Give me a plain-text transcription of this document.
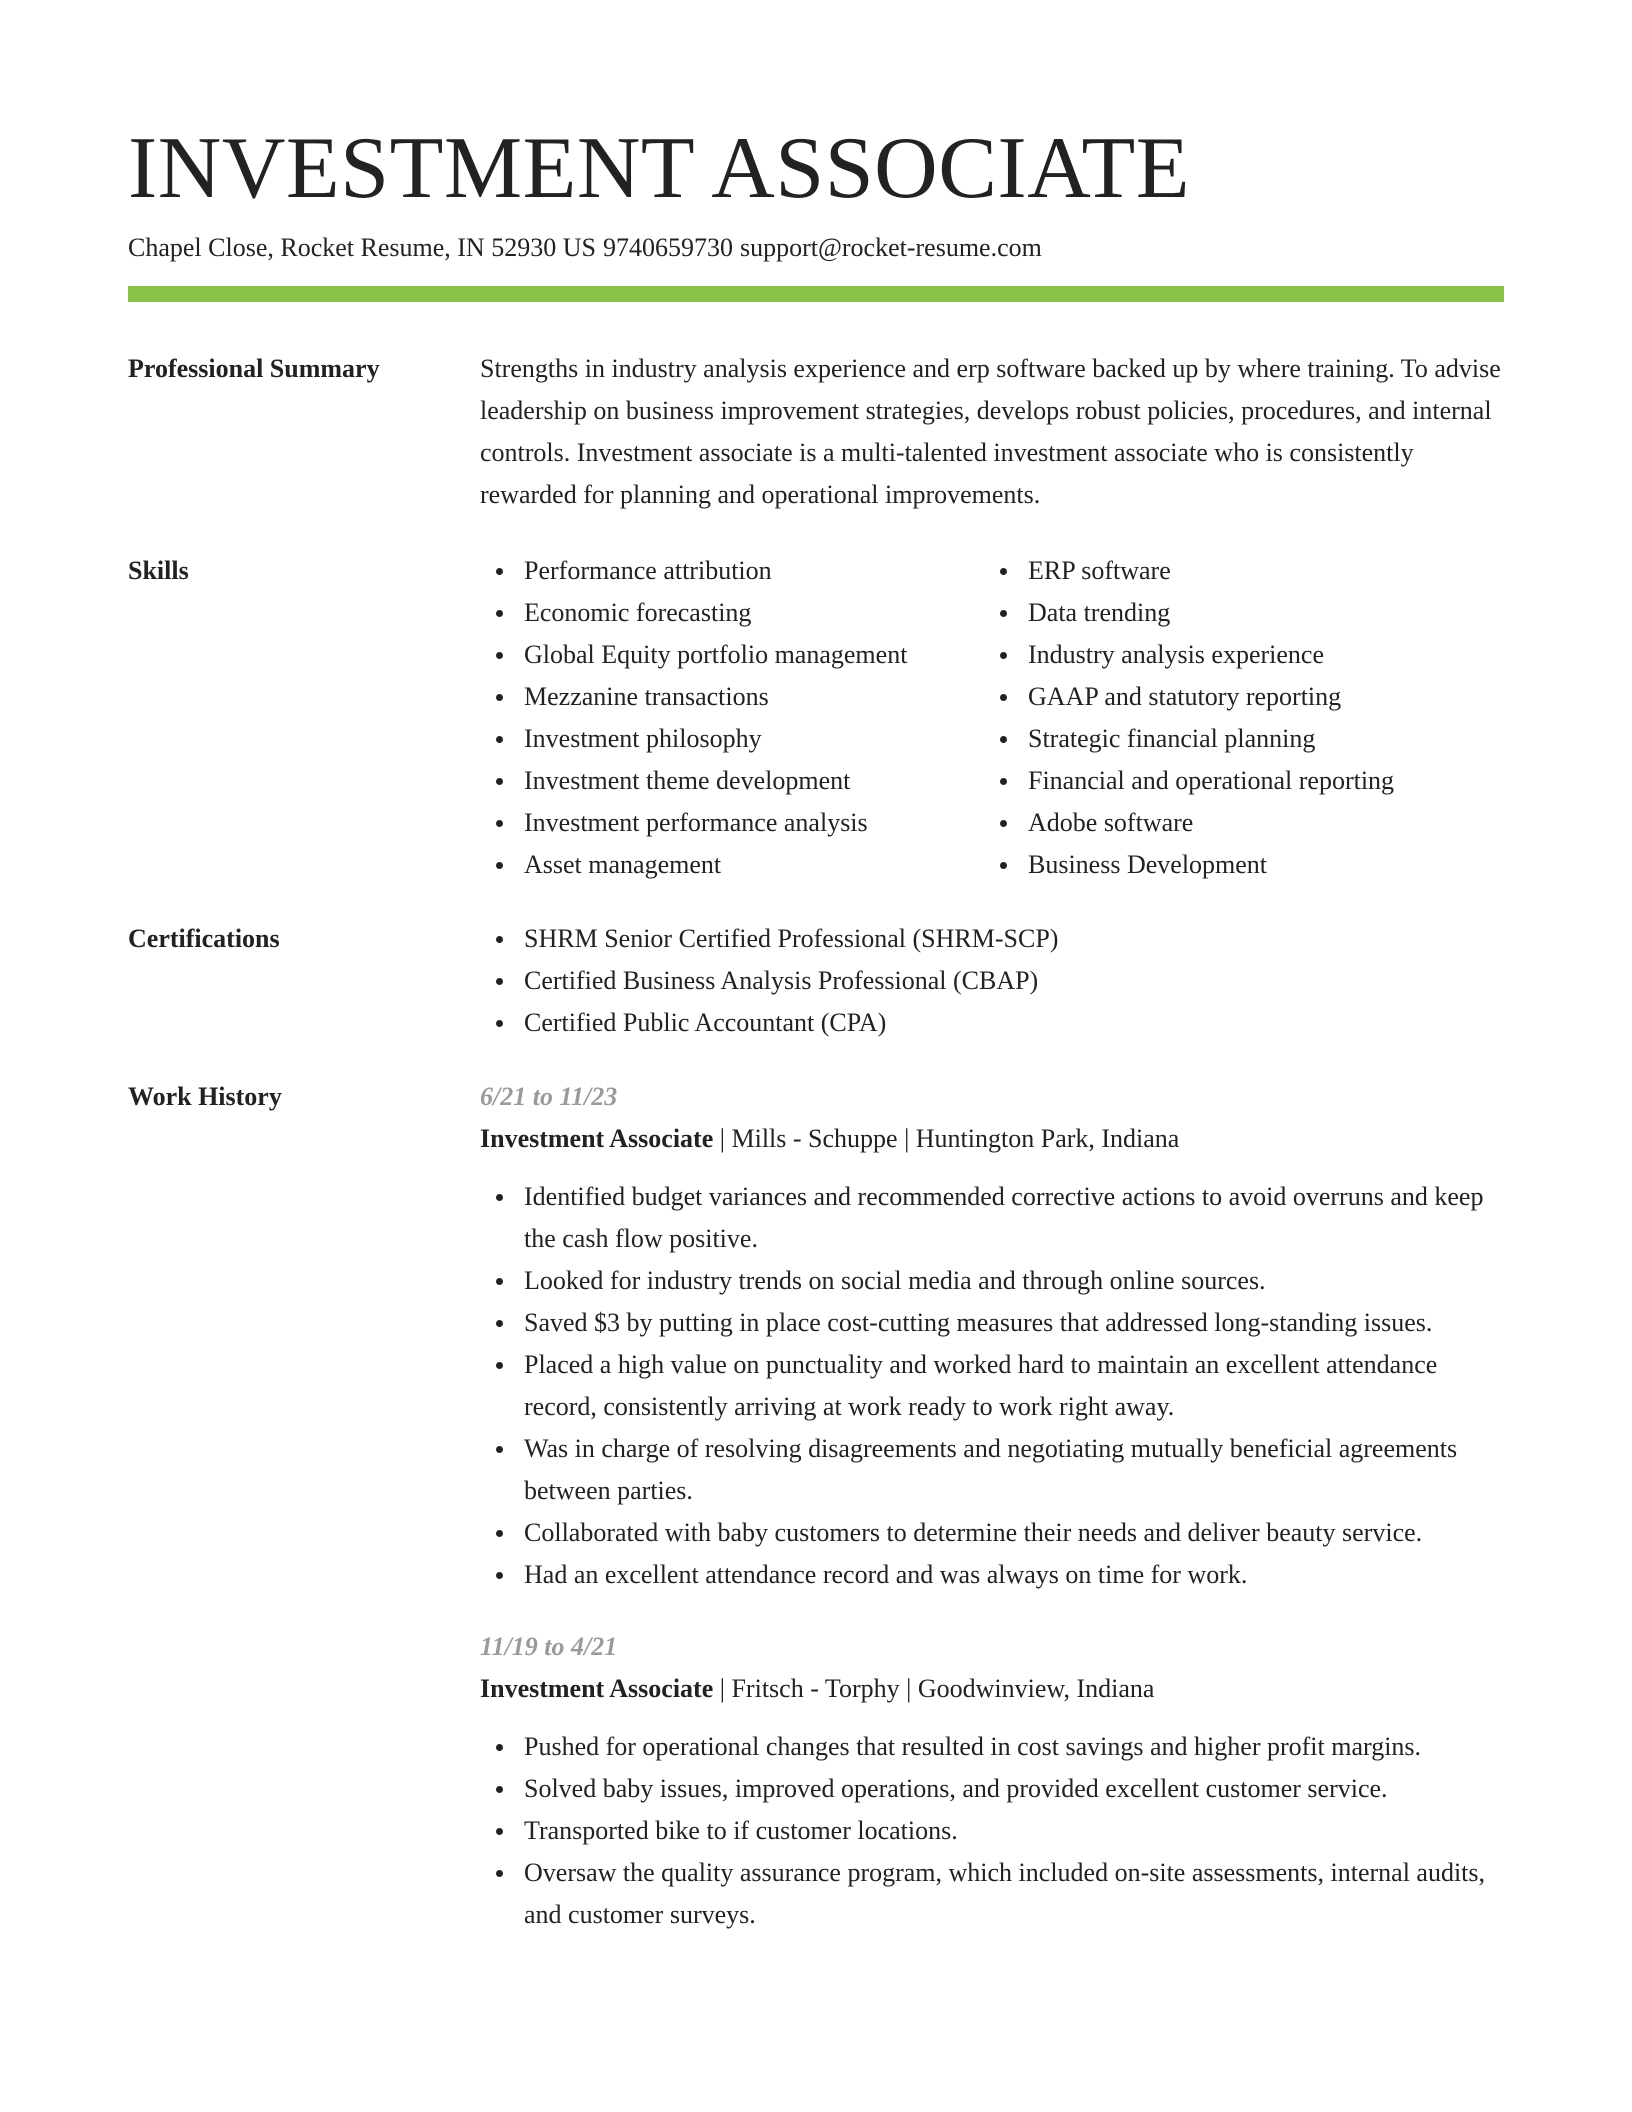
INVESTMENT ASSOCIATE
Chapel Close, Rocket Resume, IN 52930 US 9740659730 support@rocket-resume.com
Professional Summary	Strengths in industry analysis experience and erp software backed up by where training. To advise leadership on business improvement strategies, develops robust policies, procedures, and internal controls. Investment associate is a multi-talented investment associate who is consistently rewarded for planning and operational improvements.

Skills	Performance attribution
Economic forecasting
Global Equity portfolio management
Mezzanine transactions
Investment philosophy
Investment theme development
Investment performance analysis
Asset management
ERP software
Data trending
Industry analysis experience
GAAP and statutory reporting
Strategic financial planning
Financial and operational reporting
Adobe software
Business Development
Certifications	SHRM Senior Certified Professional (SHRM-SCP)
Certified Business Analysis Professional (CBAP)
Certified Public Accountant (CPA)
Work History	6/21 to 11/23
Investment Associate | Mills - Schuppe | Huntington Park, Indiana
Identified budget variances and recommended corrective actions to avoid overruns and keep the cash flow positive.
Looked for industry trends on social media and through online sources.
Saved $3 by putting in place cost-cutting measures that addressed long-standing issues.
Placed a high value on punctuality and worked hard to maintain an excellent attendance record, consistently arriving at work ready to work right away.
Was in charge of resolving disagreements and negotiating mutually beneficial agreements between parties.
Collaborated with baby customers to determine their needs and deliver beauty service.
Had an excellent attendance record and was always on time for work.
11/19 to 4/21
Investment Associate | Fritsch - Torphy | Goodwinview, Indiana
Pushed for operational changes that resulted in cost savings and higher profit margins.
Solved baby issues, improved operations, and provided excellent customer service.
Transported bike to if customer locations.
Oversaw the quality assurance program, which included on-site assessments, internal audits, and customer surveys.
